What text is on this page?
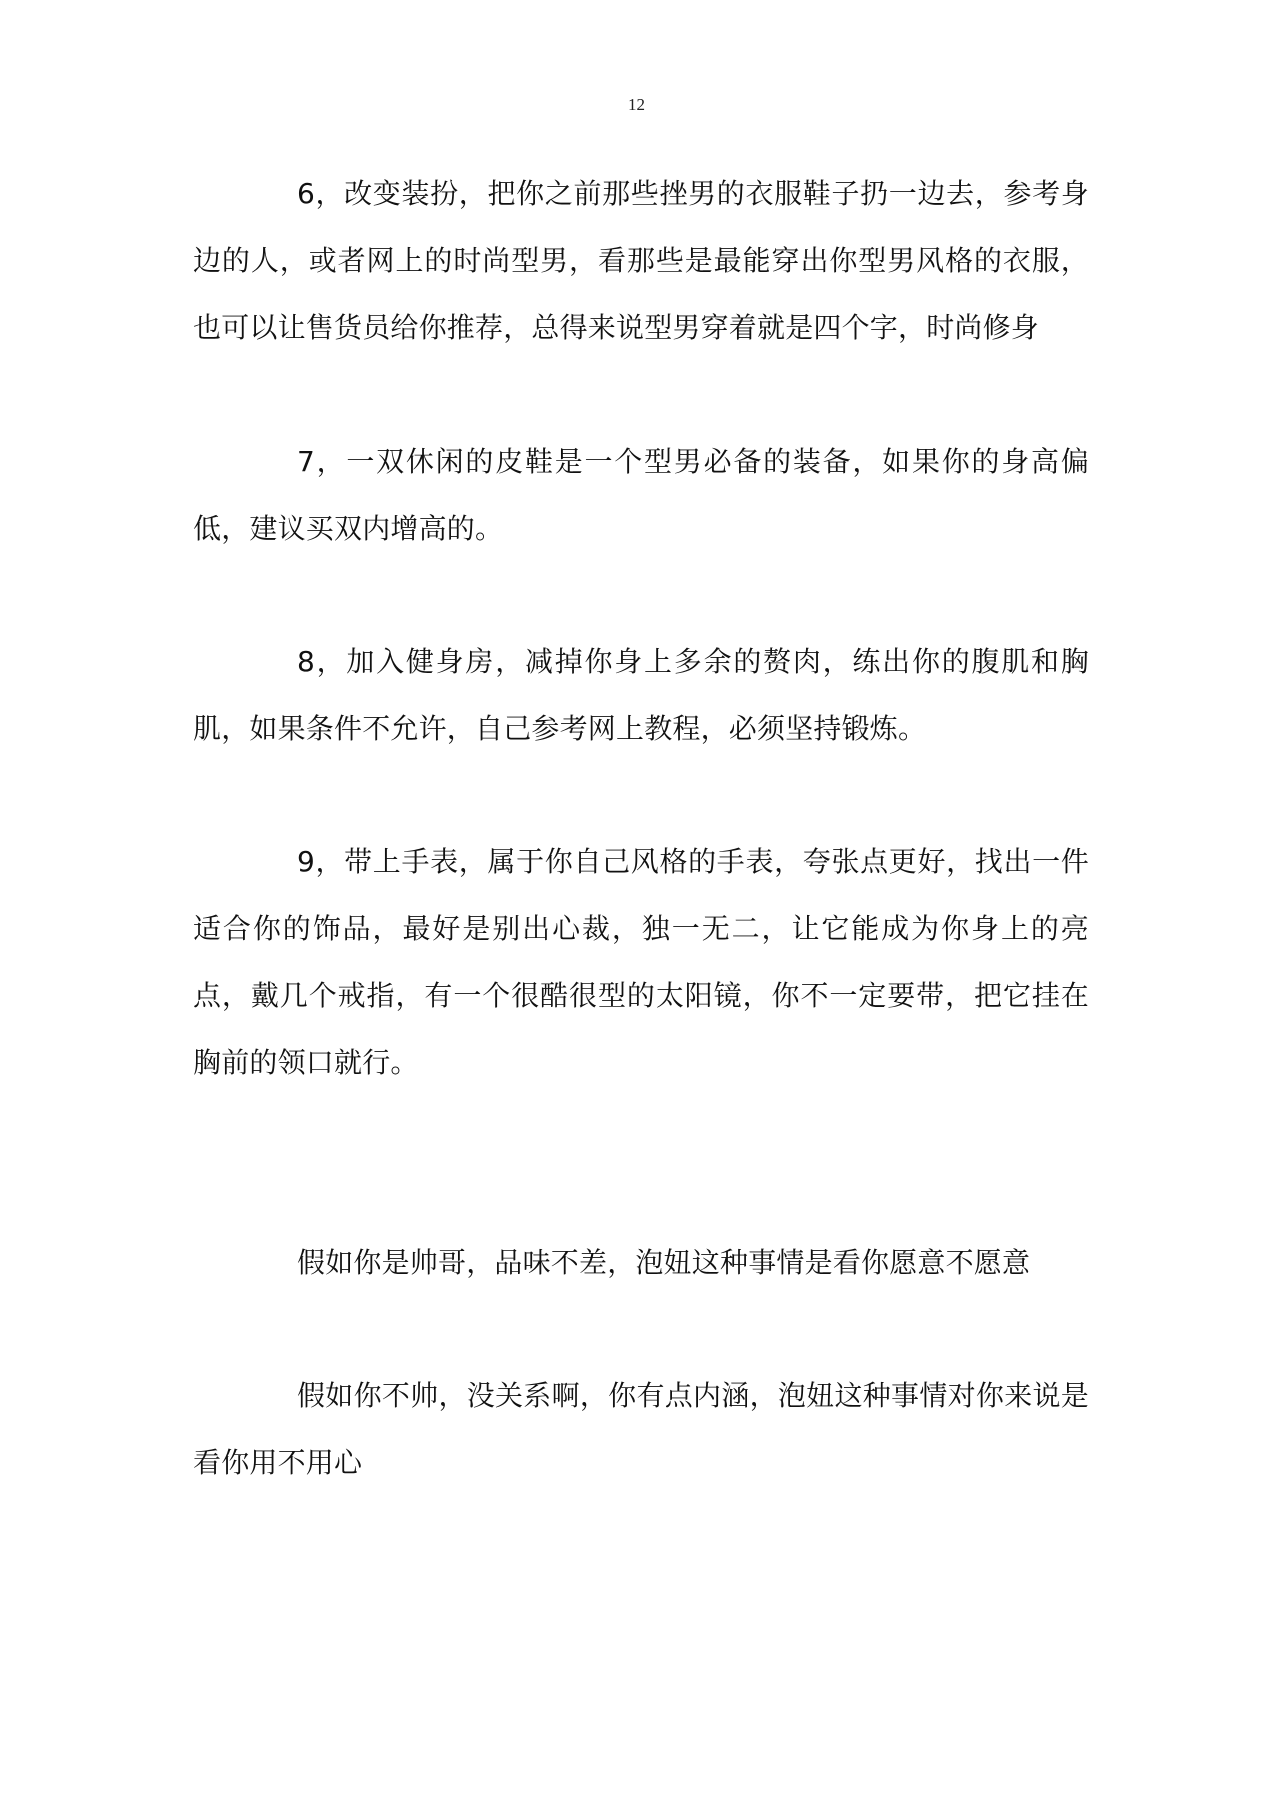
12

6，改变装扮，把你之前那些挫男的衣服鞋子扔一边去，参考身边的人，或者网上的时尚型男，看那些是最能穿出你型男风格的衣服，也可以让售货员给你推荐，总得来说型男穿着就是四个字，时尚修身

7，一双休闲的皮鞋是一个型男必备的装备，如果你的身高偏低，建议买双内增高的。

8，加入健身房，减掉你身上多余的赘肉，练出你的腹肌和胸肌，如果条件不允许，自己参考网上教程，必须坚持锻炼。

9，带上手表，属于你自己风格的手表，夸张点更好，找出一件适合你的饰品，最好是别出心裁，独一无二，让它能成为你身上的亮点，戴几个戒指，有一个很酷很型的太阳镜，你不一定要带，把它挂在胸前的领口就行。

假如你是帅哥，品味不差，泡妞这种事情是看你愿意不愿意

假如你不帅，没关系啊，你有点内涵，泡妞这种事情对你来说是看你用不用心
